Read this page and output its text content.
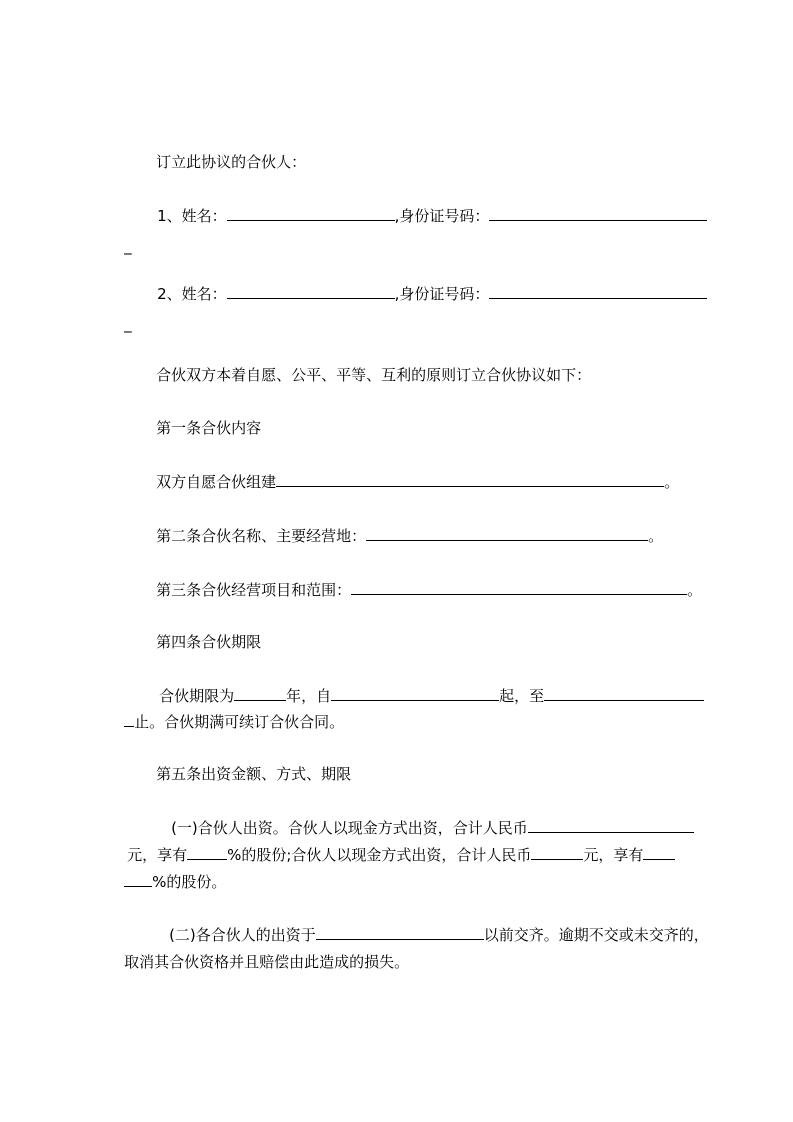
订立此协议的合伙人：

1、姓名：	,身份证号码：

_

2、姓名：	,身份证号码：

_

合伙双方本着自愿、公平、平等、互利的原则订立合伙协议如下：

第一条合伙内容

双方自愿合伙组建	。

第二条合伙名称、主要经营地：	。

第三条合伙经营项目和范围：	。

第四条合伙期限

合伙期限为	年，自	起，至

止。合伙期满可续订合伙合同。

第五条出资金额、方式、期限

(一)合伙人出资。合伙人以现金方式出资，合计人民币

元，享有	%的股份;合伙人以现金方式出资，合计人民币	元，享有

%的股份。

(二)各合伙人的出资于	以前交齐。逾期不交或未交齐的，

取消其合伙资格并且赔偿由此造成的损失。
